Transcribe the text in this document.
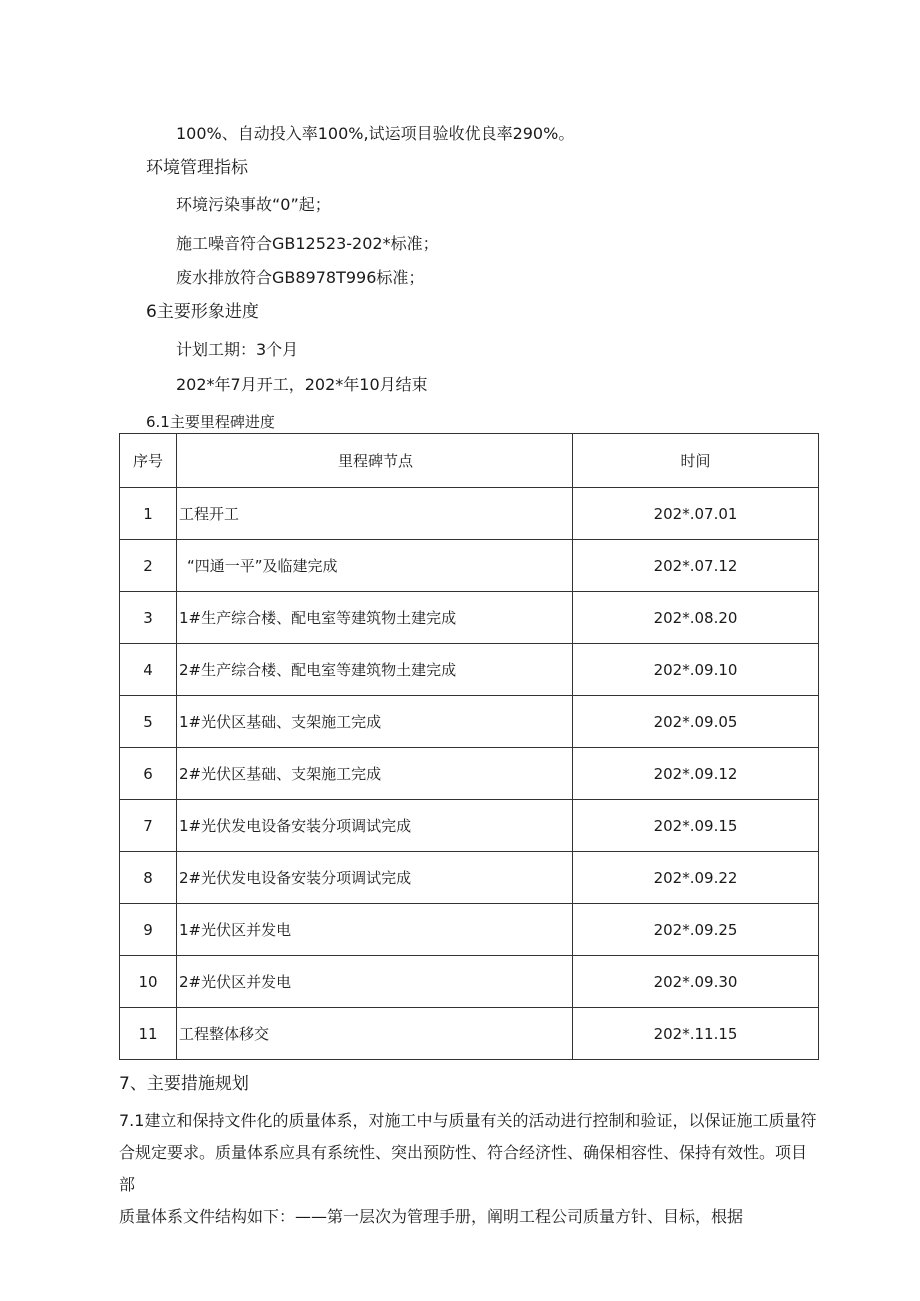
100%、自动投入率100%,试运项目验收优良率290%。
环境管理指标
环境污染事故“0”起；
施工噪音符合GB12523-202*标准；
废水排放符合GB8978T996标准；
6主要形象进度
计划工期：3个月
202*年7月开工，202*年10月结束
6.1主要里程碑进度
序号	里程碑节点	时间
1	工程开工	202*.07.01
2	“四通一平”及临建完成	202*.07.12
3	1#生产综合楼、配电室等建筑物土建完成	202*.08.20
4	2#生产综合楼、配电室等建筑物土建完成	202*.09.10
5	1#光伏区基础、支架施工完成	202*.09.05
6	2#光伏区基础、支架施工完成	202*.09.12
7	1#光伏发电设备安装分项调试完成	202*.09.15
8	2#光伏发电设备安装分项调试完成	202*.09.22
9	1#光伏区并发电	202*.09.25
10	2#光伏区并发电	202*.09.30
11	工程整体移交	202*.11.15
7、主要措施规划
7.1建立和保持文件化的质量体系，对施工中与质量有关的活动进行控制和验证，以保证施工质量符
合规定要求。质量体系应具有系统性、突出预防性、符合经济性、确保相容性、保持有效性。项目部
质量体系文件结构如下：——第一层次为管理手册，阐明工程公司质量方针、目标，根据
